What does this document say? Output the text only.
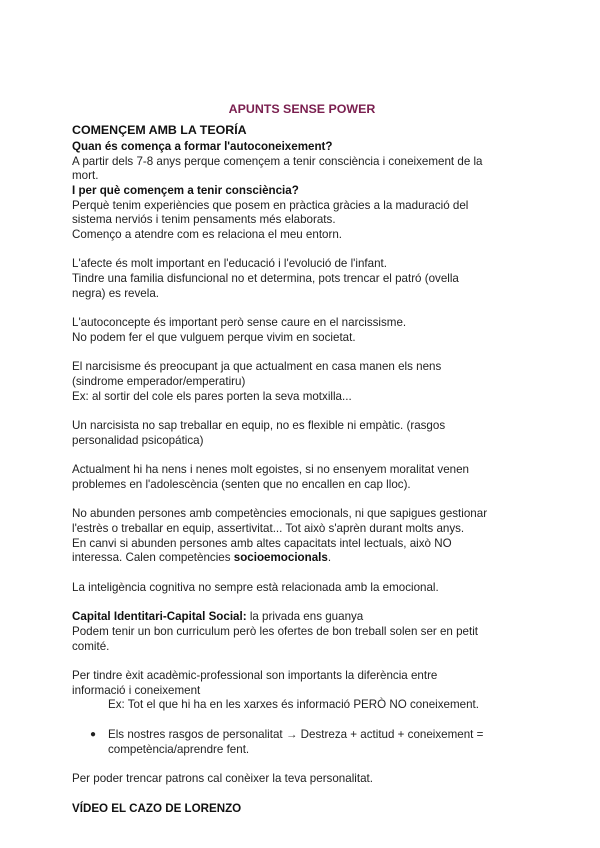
APUNTS SENSE POWER

COMENÇEM AMB LA TEORÍA

Quan és comença a formar l'autoconeixement?

A partir dels 7-8 anys perque començem a tenir consciència i coneixement de la

mort.

I per què començem a tenir consciència?

Perquè tenim experiències que posem en pràctica gràcies a la maduració del

sistema nerviós i tenim pensaments més elaborats.

Començo a atendre com es relaciona el meu entorn.

L'afecte és molt important en l'educació i l'evolució de l'infant.

Tindre una familia disfuncional no et determina, pots trencar el patró (ovella

negra) es revela.

L'autoconcepte és important però sense caure en el narcissisme.

No podem fer el que vulguem perque vivim en societat.

El narcisisme és preocupant ja que actualment en casa manen els nens

(sindrome emperador/emperatiru)

Ex: al sortir del cole els pares porten la seva motxilla...

Un narcisista no sap treballar en equip, no es flexible ni empàtic. (rasgos

personalidad psicopática)

Actualment hi ha nens i nenes molt egoistes, si no ensenyem moralitat venen

problemes en l'adolescència (senten que no encallen en cap lloc).

No abunden persones amb competències emocionals, ni que sapigues gestionar

l'estrès o treballar en equip, assertivitat... Tot això s'aprèn durant molts anys.

En canvi si abunden persones amb altes capacitats intel lectuals, això NO

interessa. Calen competències socioemocionals.

La inteligència cognitiva no sempre està relacionada amb la emocional.

Capital Identitari-Capital Social: la privada ens guanya

Podem tenir un bon curriculum però les ofertes de bon treball solen ser en petit

comité.

Per tindre èxit acadèmic-professional son importants la diferència entre

informació i coneixement

Ex: Tot el que hi ha en les xarxes és informació PERÒ NO coneixement.

● Els nostres rasgos de personalitat → Destreza + actitud + coneixement =

competència/aprendre fent.

Per poder trencar patrons cal conèixer la teva personalitat.

VÍDEO EL CAZO DE LORENZO
